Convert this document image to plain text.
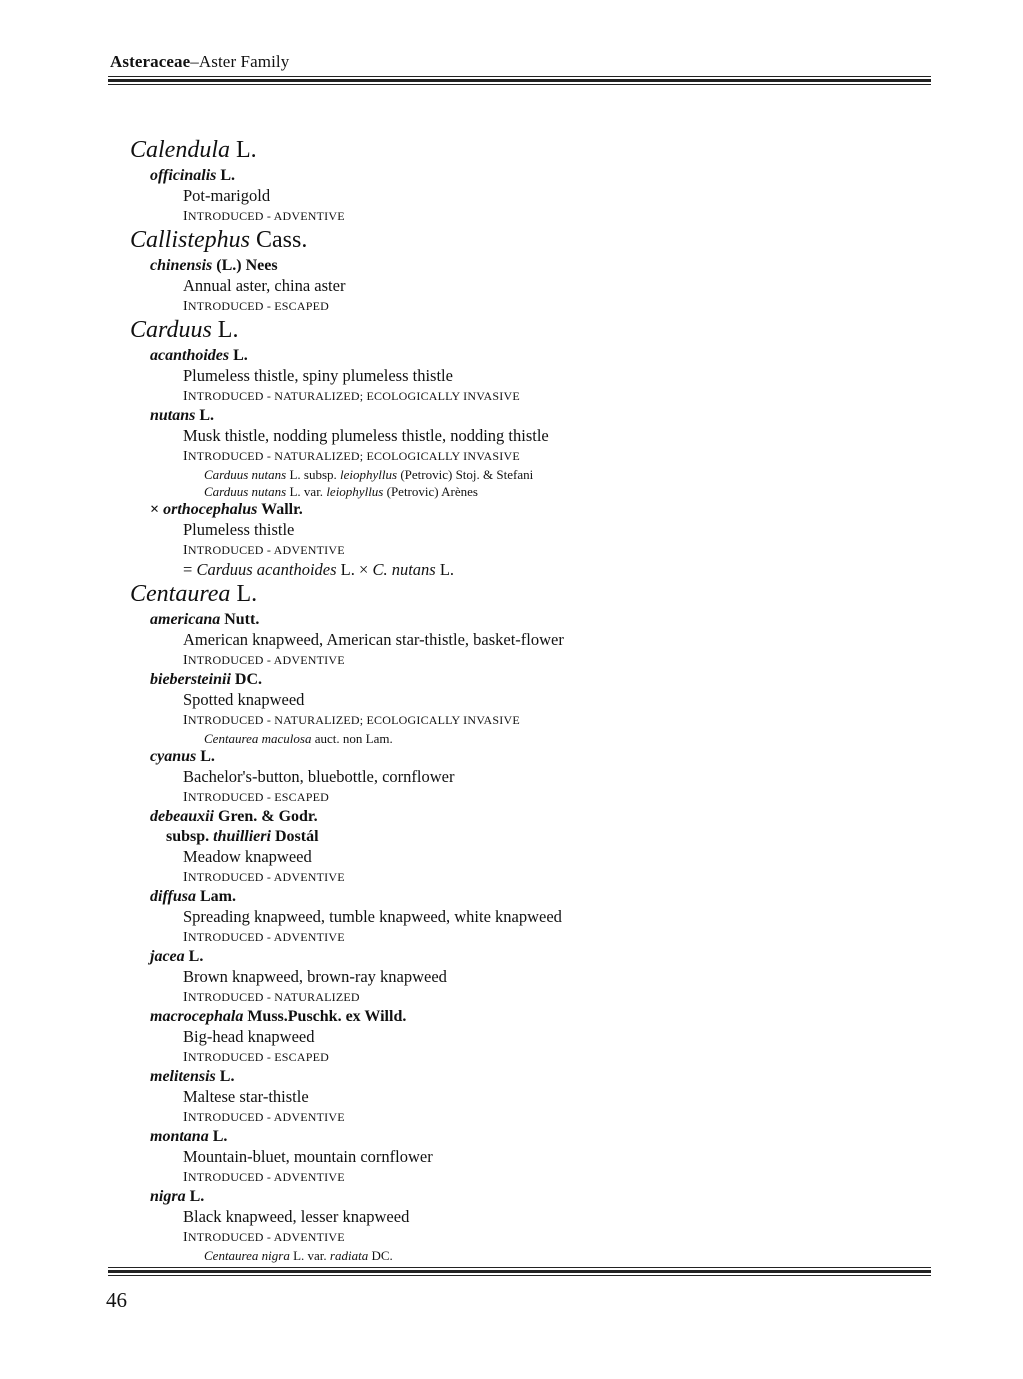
Asteraceae–Aster Family
Calendula L.
officinalis L.
Pot-marigold
INTRODUCED - ADVENTIVE
Callistephus Cass.
chinensis (L.) Nees
Annual aster, china aster
INTRODUCED - ESCAPED
Carduus L.
acanthoides L.
Plumeless thistle, spiny plumeless thistle
INTRODUCED - NATURALIZED; ECOLOGICALLY INVASIVE
nutans L.
Musk thistle, nodding plumeless thistle, nodding thistle
INTRODUCED - NATURALIZED; ECOLOGICALLY INVASIVE
Carduus nutans L. subsp. leiophyllus (Petrovic) Stoj. & Stefani
Carduus nutans L. var. leiophyllus (Petrovic) Arènes
× orthocephalus Wallr.
Plumeless thistle
INTRODUCED - ADVENTIVE
= Carduus acanthoides L. × C. nutans L.
Centaurea L.
americana Nutt.
American knapweed, American star-thistle, basket-flower
INTRODUCED - ADVENTIVE
biebersteinii DC.
Spotted knapweed
INTRODUCED - NATURALIZED; ECOLOGICALLY INVASIVE
Centaurea maculosa auct. non Lam.
cyanus L.
Bachelor's-button, bluebottle, cornflower
INTRODUCED - ESCAPED
debeauxii Gren. & Godr.
subsp. thuillieri Dostál
Meadow knapweed
INTRODUCED - ADVENTIVE
diffusa Lam.
Spreading knapweed, tumble knapweed, white knapweed
INTRODUCED - ADVENTIVE
jacea L.
Brown knapweed, brown-ray knapweed
INTRODUCED - NATURALIZED
macrocephala Muss.Puschk. ex Willd.
Big-head knapweed
INTRODUCED - ESCAPED
melitensis L.
Maltese star-thistle
INTRODUCED - ADVENTIVE
montana L.
Mountain-bluet, mountain cornflower
INTRODUCED - ADVENTIVE
nigra L.
Black knapweed, lesser knapweed
INTRODUCED - ADVENTIVE
Centaurea nigra L. var. radiata DC.
46
